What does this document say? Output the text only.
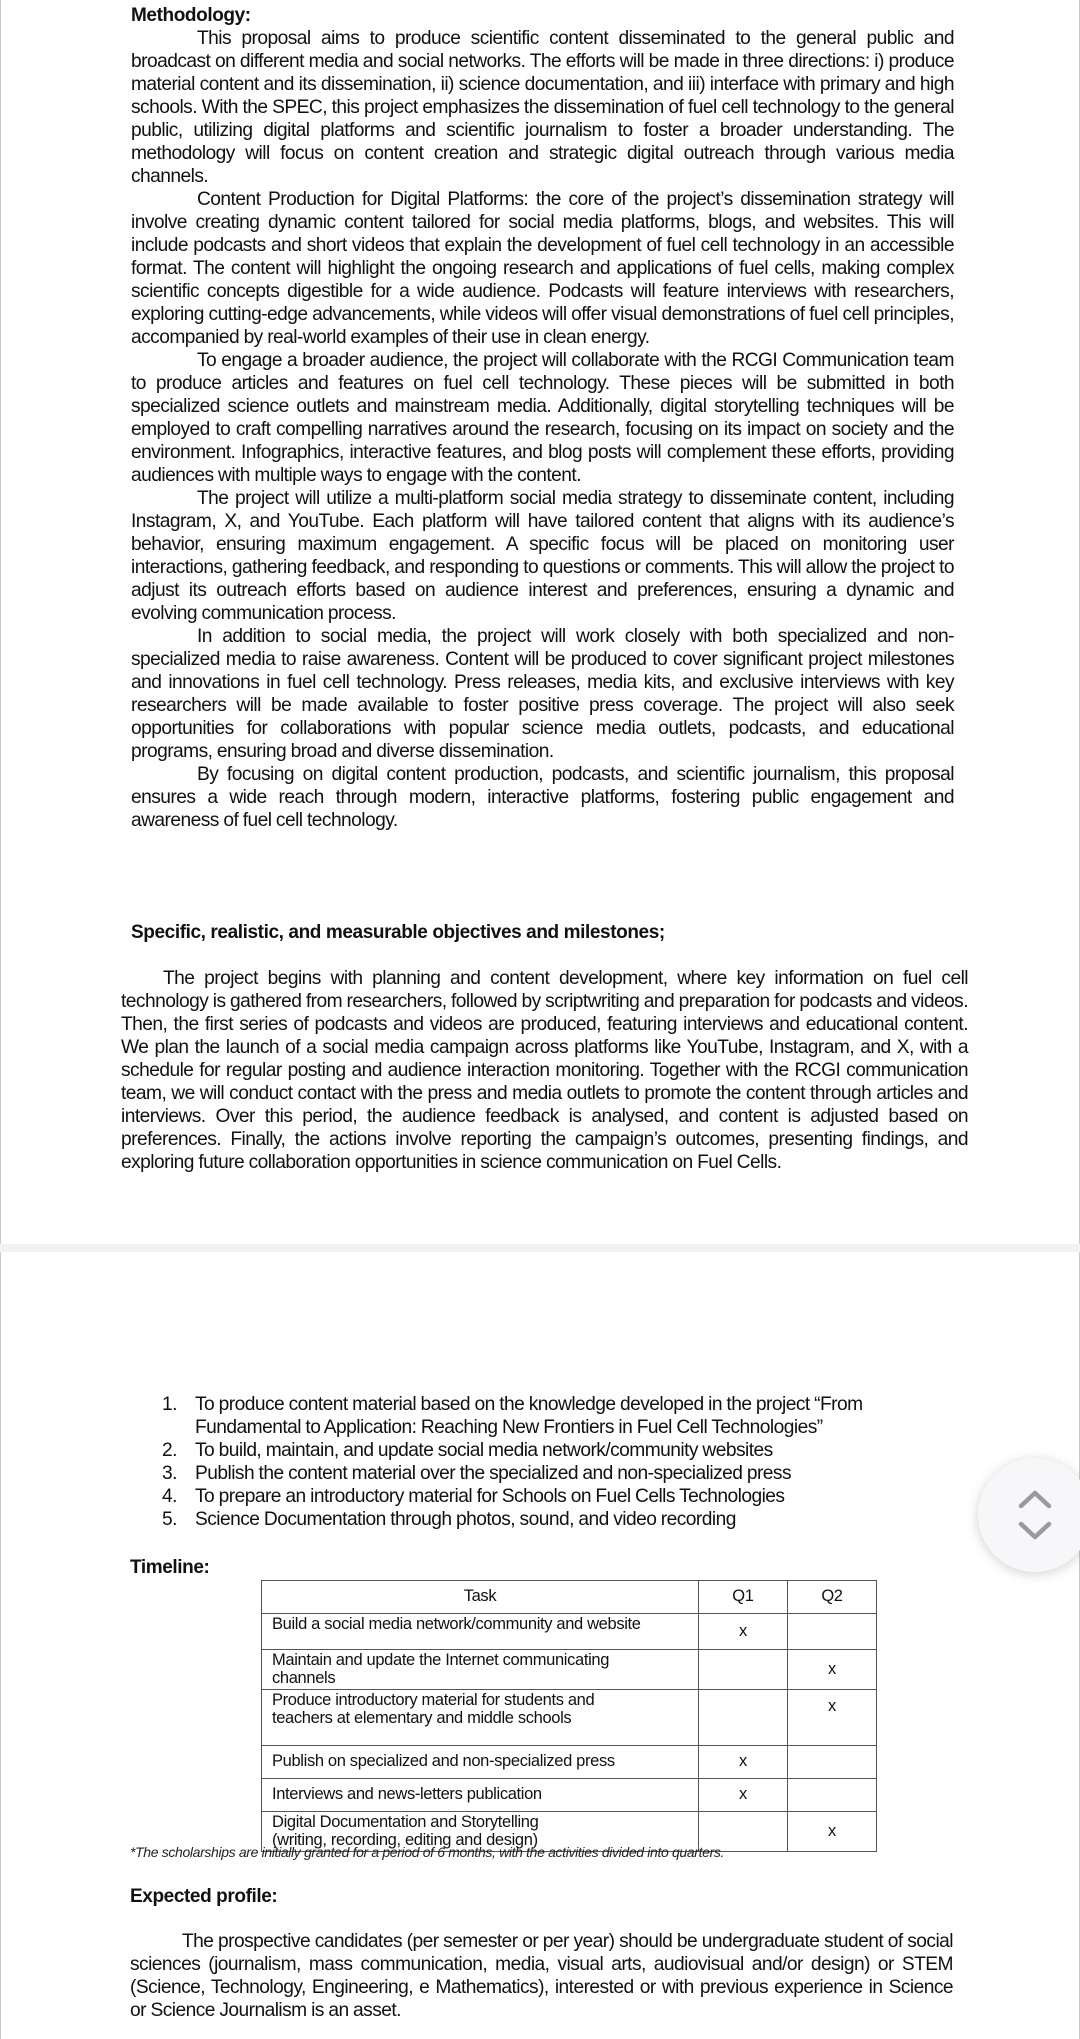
Methodology:

This proposal aims to produce scientific content disseminated to the general public and broadcast on different media and social networks. The efforts will be made in three directions: i) produce material content and its dissemination, ii) science documentation, and iii) interface with primary and high schools. With the SPEC, this project emphasizes the dissemination of fuel cell technology to the general public, utilizing digital platforms and scientific journalism to foster a broader understanding. The methodology will focus on content creation and strategic digital outreach through various media channels.

Content Production for Digital Platforms: the core of the project’s dissemination strategy will involve creating dynamic content tailored for social media platforms, blogs, and websites. This will include podcasts and short videos that explain the development of fuel cell technology in an accessible format. The content will highlight the ongoing research and applications of fuel cells, making complex scientific concepts digestible for a wide audience. Podcasts will feature interviews with researchers, exploring cutting-edge advancements, while videos will offer visual demonstrations of fuel cell principles, accompanied by real-world examples of their use in clean energy.

To engage a broader audience, the project will collaborate with the RCGI Communication team to produce articles and features on fuel cell technology. These pieces will be submitted in both specialized science outlets and mainstream media. Additionally, digital storytelling techniques will be employed to craft compelling narratives around the research, focusing on its impact on society and the environment. Infographics, interactive features, and blog posts will complement these efforts, providing audiences with multiple ways to engage with the content.

The project will utilize a multi-platform social media strategy to disseminate content, including Instagram, X, and YouTube. Each platform will have tailored content that aligns with its audience’s behavior, ensuring maximum engagement. A specific focus will be placed on monitoring user interactions, gathering feedback, and responding to questions or comments. This will allow the project to adjust its outreach efforts based on audience interest and preferences, ensuring a dynamic and evolving communication process.

In addition to social media, the project will work closely with both specialized and non-specialized media to raise awareness. Content will be produced to cover significant project milestones and innovations in fuel cell technology. Press releases, media kits, and exclusive interviews with key researchers will be made available to foster positive press coverage. The project will also seek opportunities for collaborations with popular science media outlets, podcasts, and educational programs, ensuring broad and diverse dissemination.

By focusing on digital content production, podcasts, and scientific journalism, this proposal ensures a wide reach through modern, interactive platforms, fostering public engagement and awareness of fuel cell technology.

Specific, realistic, and measurable objectives and milestones;

The project begins with planning and content development, where key information on fuel cell technology is gathered from researchers, followed by scriptwriting and preparation for podcasts and videos. Then, the first series of podcasts and videos are produced, featuring interviews and educational content. We plan the launch of a social media campaign across platforms like YouTube, Instagram, and X, with a schedule for regular posting and audience interaction monitoring. Together with the RCGI communication team, we will conduct contact with the press and media outlets to promote the content through articles and interviews. Over this period, the audience feedback is analysed, and content is adjusted based on preferences. Finally, the actions involve reporting the campaign’s outcomes, presenting findings, and exploring future collaboration opportunities in science communication on Fuel Cells.

1. To produce content material based on the knowledge developed in the project “From Fundamental to Application: Reaching New Frontiers in Fuel Cell Technologies”
2. To build, maintain, and update social media network/community websites
3. Publish the content material over the specialized and non-specialized press
4. To prepare an introductory material for Schools on Fuel Cells Technologies
5. Science Documentation through photos, sound, and video recording
Timeline:
Task	Q1	Q2
Build a social media network/community and website	x	
Maintain and update the Internet communicating channels		x
Produce introductory material for students and teachers at elementary and middle schools		x
Publish on specialized and non-specialized press	x	
Interviews and news-letters publication	x	
Digital Documentation and Storytelling (writing, recording, editing and design)		x
*The scholarships are initially granted for a period of 6 months, with the activities divided into quarters.
Expected profile:

The prospective candidates (per semester or per year) should be undergraduate student of social sciences (journalism, mass communication, media, visual arts, audiovisual and/or design) or STEM (Science, Technology, Engineering, e Mathematics), interested or with previous experience in Science or Science Journalism is an asset.
